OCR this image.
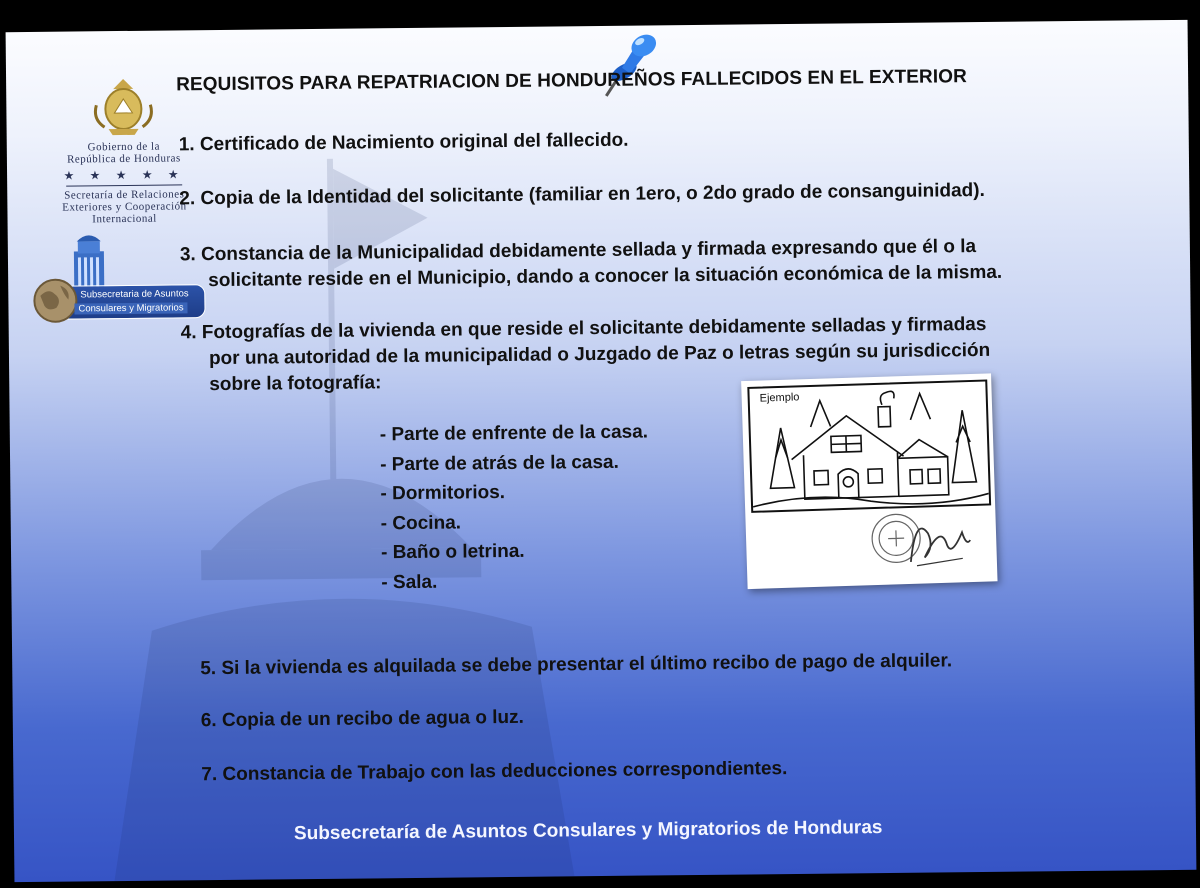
Gobierno de la
República de Honduras
★ ★ ★ ★ ★
Secretaría de Relaciones
Exteriores y Cooperación
Internacional
Subsecretaria de Asuntos
Consulares y Migratorios
REQUISITOS PARA REPATRIACION DE HONDUREÑOS FALLECIDOS EN EL EXTERIOR
1. Certificado de Nacimiento original del fallecido.
2. Copia de la Identidad del solicitante (familiar en 1ero, o 2do grado de consanguinidad).
3. Constancia de la Municipalidad debidamente sellada y firmada expresando que él o la
solicitante reside en el Municipio, dando a conocer la situación económica de la misma.
4. Fotografías de la vivienda en que reside el solicitante debidamente selladas y firmadas
por una autoridad de la municipalidad o Juzgado de Paz o letras según su jurisdicción
sobre la fotografía:
- Parte de enfrente de la casa.
- Parte de atrás de la casa.
- Dormitorios.
- Cocina.
- Baño o letrina.
- Sala.
Ejemplo
5. Si la vivienda es alquilada se debe presentar el último recibo de pago de alquiler.
6. Copia de un recibo de agua o luz.
7. Constancia de Trabajo con las deducciones correspondientes.
Subsecretaría de Asuntos Consulares y Migratorios de Honduras
